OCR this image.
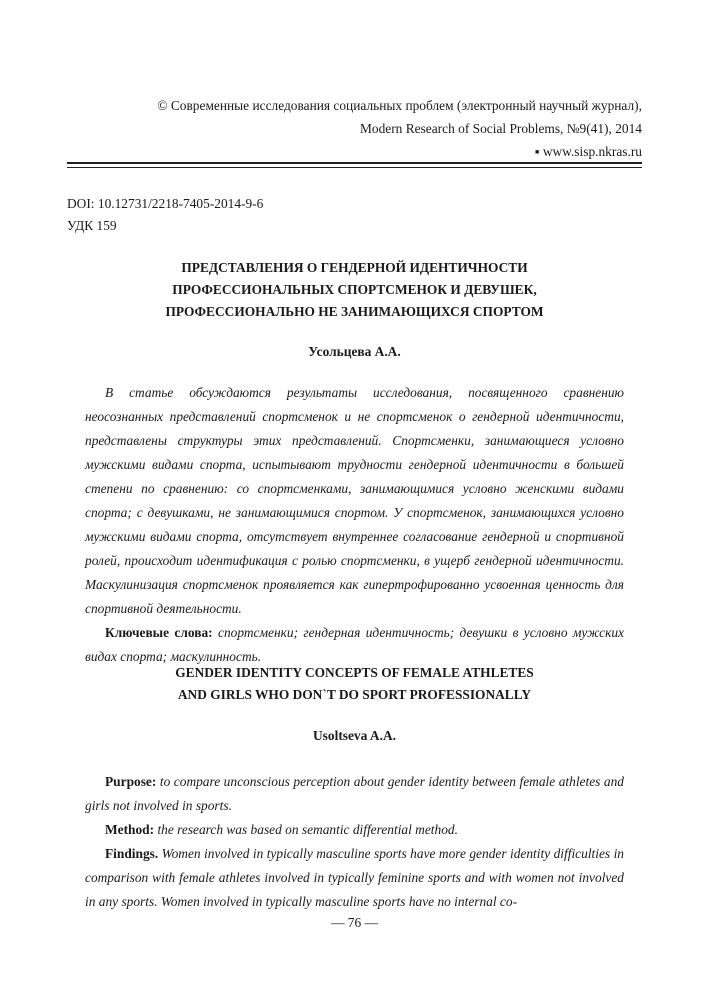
© Современные исследования социальных проблем (электронный научный журнал),
Modern Research of Social Problems, №9(41), 2014
▪ www.sisp.nkras.ru
DOI: 10.12731/2218-7405-2014-9-6
УДК 159
ПРЕДСТАВЛЕНИЯ О ГЕНДЕРНОЙ ИДЕНТИЧНОСТИ
ПРОФЕССИОНАЛЬНЫХ СПОРТСМЕНОК И ДЕВУШЕК,
ПРОФЕССИОНАЛЬНО НЕ ЗАНИМАЮЩИХСЯ СПОРТОМ
Усольцева А.А.

В статье обсуждаются результаты исследования, посвященного сравнению неосознанных представлений спортсменок и не спортсменок о гендерной идентичности, представлены структуры этих представлений. Спортсменки, занимающиеся условно мужскими видами спорта, испытывают трудности гендерной идентичности в большей степени по сравнению: со спортсменками, занимающимися условно женскими видами спорта; с девушками, не занимающимися спортом. У спортсменок, занимающихся условно мужскими видами спорта, отсутствует внутреннее согласование гендерной и спортивной ролей, происходит идентификация с ролью спортсменки, в ущерб гендерной идентичности. Маскулинизация спортсменок проявляется как гипертрофированно усвоенная ценность для спортивной деятельности.

Ключевые слова: спортсменки; гендерная идентичность; девушки в условно мужских видах спорта; маскулинность.

GENDER IDENTITY CONCEPTS OF FEMALE ATHLETES
AND GIRLS WHO DON`T DO SPORT PROFESSIONALLY
Usoltseva A.A.

Purpose: to compare unconscious perception about gender identity between female athletes and girls not involved in sports.

Method: the research was based on semantic differential method.

Findings. Women involved in typically masculine sports have more gender identity difficulties in comparison with female athletes involved in typically feminine sports and with women not involved in any sports. Women involved in typically masculine sports have no internal co-

— 76 —
